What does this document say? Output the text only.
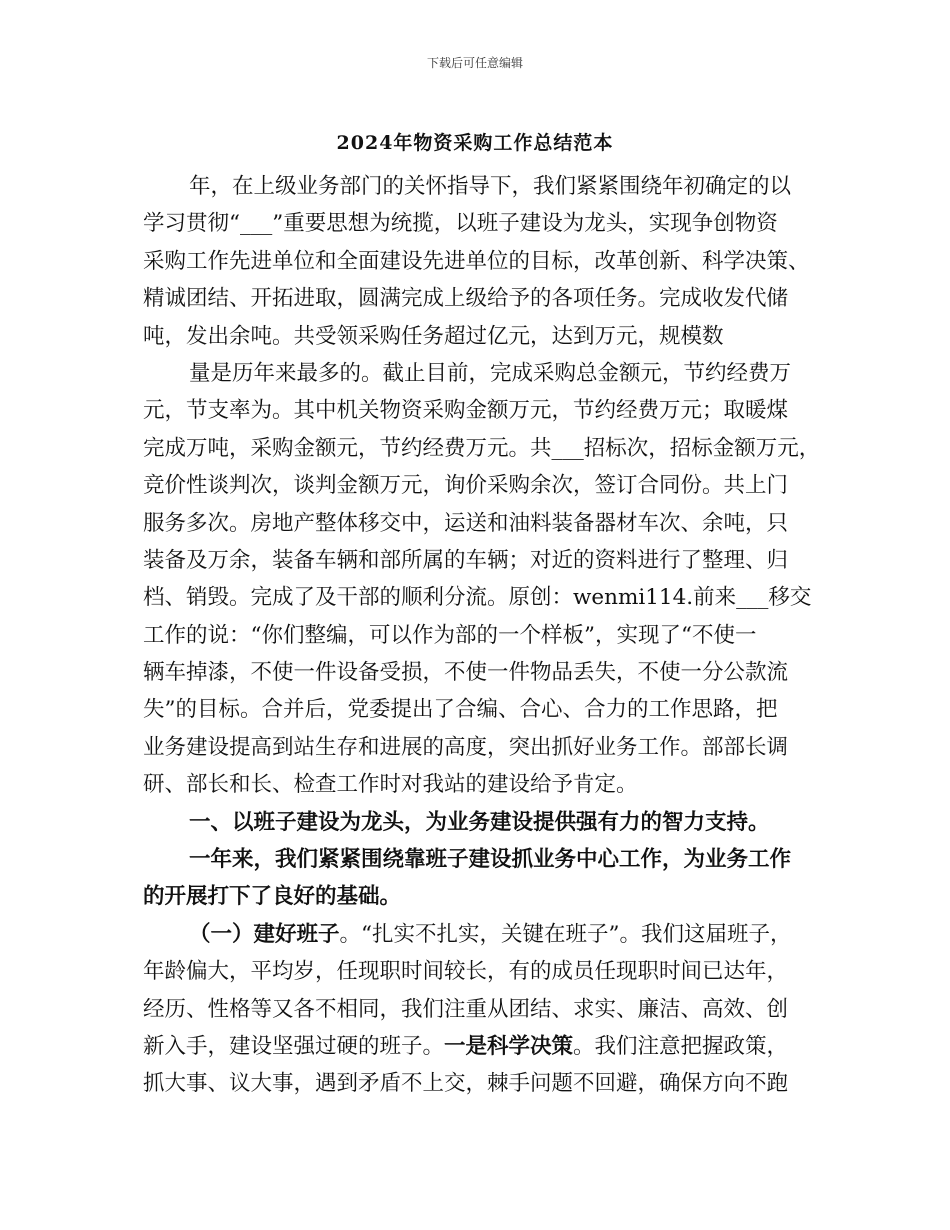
下载后可任意编辑
2024年物资采购工作总结范本
年，在上级业务部门的关怀指导下，我们紧紧围绕年初确定的以
学习贯彻“___”重要思想为统揽，以班子建设为龙头，实现争创物资
采购工作先进单位和全面建设先进单位的目标，改革创新、科学决策、
精诚团结、开拓进取，圆满完成上级给予的各项任务。完成收发代储
吨，发出余吨。共受领采购任务超过亿元，达到万元，规模数
量是历年来最多的。截止目前，完成采购总金额元，节约经费万
元，节支率为。其中机关物资采购金额万元，节约经费万元；取暖煤
完成万吨，采购金额元，节约经费万元。共___招标次，招标金额万元，
竞价性谈判次，谈判金额万元，询价采购余次，签订合同份。共上门
服务多次。房地产整体移交中，运送和油料装备器材车次、余吨，只
装备及万余，装备车辆和部所属的车辆；对近的资料进行了整理、归
档、销毁。完成了及干部的顺利分流。原创：wenmi114.前来___移交
工作的说：“你们整编，可以作为部的一个样板”，实现了“不使一
辆车掉漆，不使一件设备受损，不使一件物品丢失，不使一分公款流
失”的目标。合并后，党委提出了合编、合心、合力的工作思路，把
业务建设提高到站生存和进展的高度，突出抓好业务工作。部部长调
研、部长和长、检查工作时对我站的建设给予肯定。
一、以班子建设为龙头，为业务建设提供强有力的智力支持。
一年来，我们紧紧围绕靠班子建设抓业务中心工作，为业务工作
的开展打下了良好的基础。
（一）建好班子。“扎实不扎实，关键在班子”。我们这届班子，
年龄偏大，平均岁，任现职时间较长，有的成员任现职时间已达年，
经历、性格等又各不相同，我们注重从团结、求实、廉洁、高效、创
新入手，建设坚强过硬的班子。一是科学决策。我们注意把握政策，
抓大事、议大事，遇到矛盾不上交，棘手问题不回避，确保方向不跑
